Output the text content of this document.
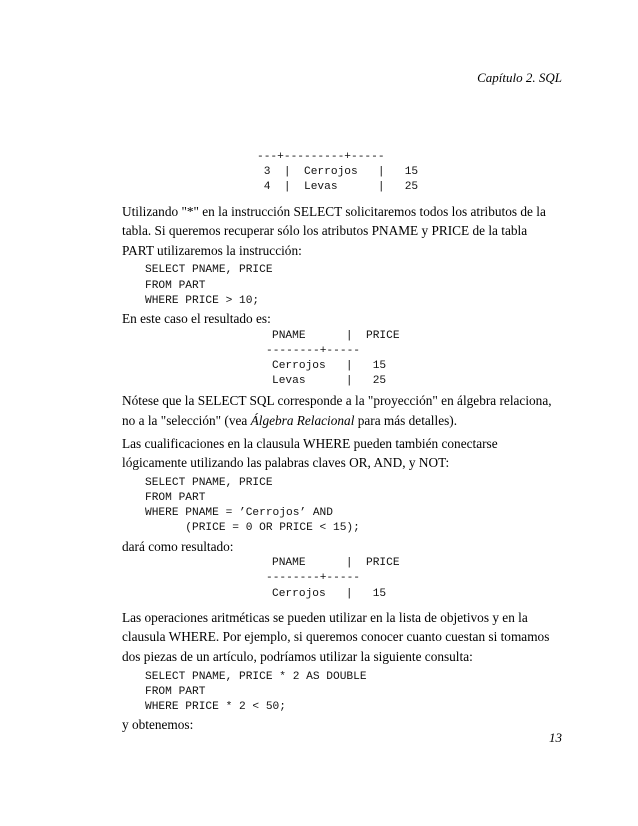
Capítulo 2. SQL
---+---------+-----
3  |  Cerrojos   |   15
4  |  Levas      |   25

Utilizando "*" en la instrucción SELECT solicitaremos todos los atributos de la tabla. Si queremos recuperar sólo los atributos PNAME y PRICE de la tabla PART utilizaremos la instrucción:

SELECT PNAME, PRICE
FROM PART
WHERE PRICE > 10;

En este caso el resultado es:

PNAME      |  PRICE
--------+-----
Cerrojos   |   15
Levas      |   25

Nótese que la SELECT SQL corresponde a la "proyección" en álgebra relaciona, no a la "selección" (vea Álgebra Relacional para más detalles).

Las cualificaciones en la clausula WHERE pueden también conectarse lógicamente utilizando las palabras claves OR, AND, y NOT:

SELECT PNAME, PRICE
FROM PART
WHERE PNAME = ’Cerrojos’ AND
(PRICE = 0 OR PRICE < 15);

dará como resultado:

PNAME      |  PRICE
--------+-----
Cerrojos   |   15

Las operaciones aritméticas se pueden utilizar en la lista de objetivos y en la clausula WHERE. Por ejemplo, si queremos conocer cuanto cuestan si tomamos dos piezas de un artículo, podríamos utilizar la siguiente consulta:

SELECT PNAME, PRICE * 2 AS DOUBLE
FROM PART
WHERE PRICE * 2 < 50;

y obtenemos:

13
